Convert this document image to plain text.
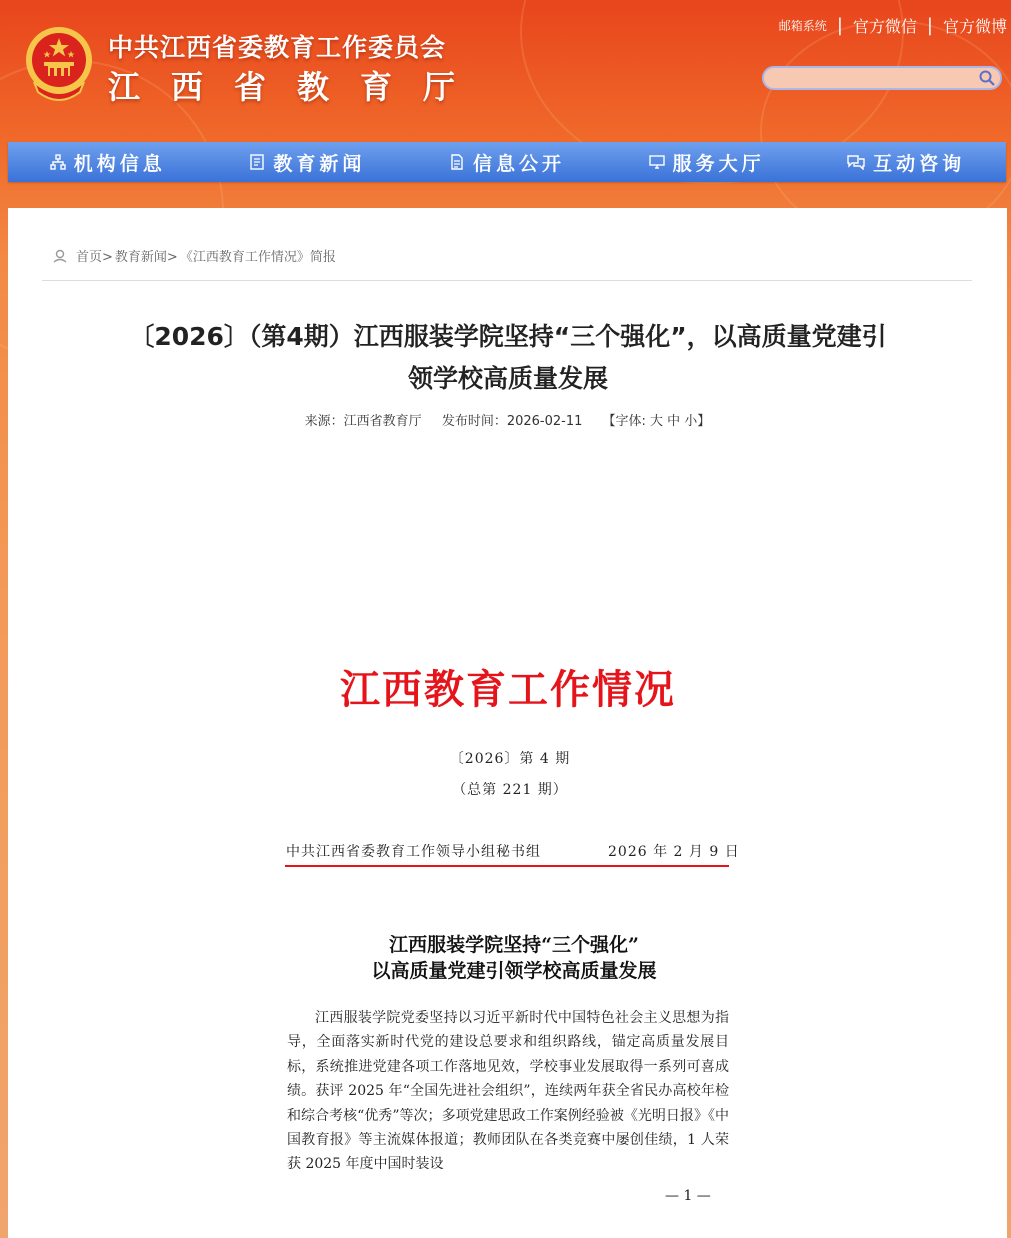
中共江西省委教育工作委员会
江西省教育厅
邮箱系统 | 官方微信 | 官方微博
机构信息	教育新闻	信息公开	服务大厅	互动咨询
首页> 教育新闻> 《江西教育工作情况》简报
〔2026〕（第4期）江西服装学院坚持“三个强化”，以高质量党建引
领学校高质量发展
来源：江西省教育厅 发布时间：2026-02-11 【字体: 大 中 小】
江西教育工作情况
〔2026〕第 4 期
（总第 221 期）
中共江西省委教育工作领导小组秘书组	2026 年 2 月 9 日
江西服装学院坚持“三个强化”
以高质量党建引领学校高质量发展
江西服装学院党委坚持以习近平新时代中国特色社会主义思想为指导，全面落实新时代党的建设总要求和组织路线，锚定高质量发展目标，系统推进党建各项工作落地见效，学校事业发展取得一系列可喜成绩。获评 2025 年“全国先进社会组织”，连续两年获全省民办高校年检和综合考核“优秀”等次；多项党建思政工作案例经验被《光明日报》《中国教育报》等主流媒体报道；教师团队在各类竞赛中屡创佳绩，1 人荣获 2025 年度中国时装设
— 1 —
